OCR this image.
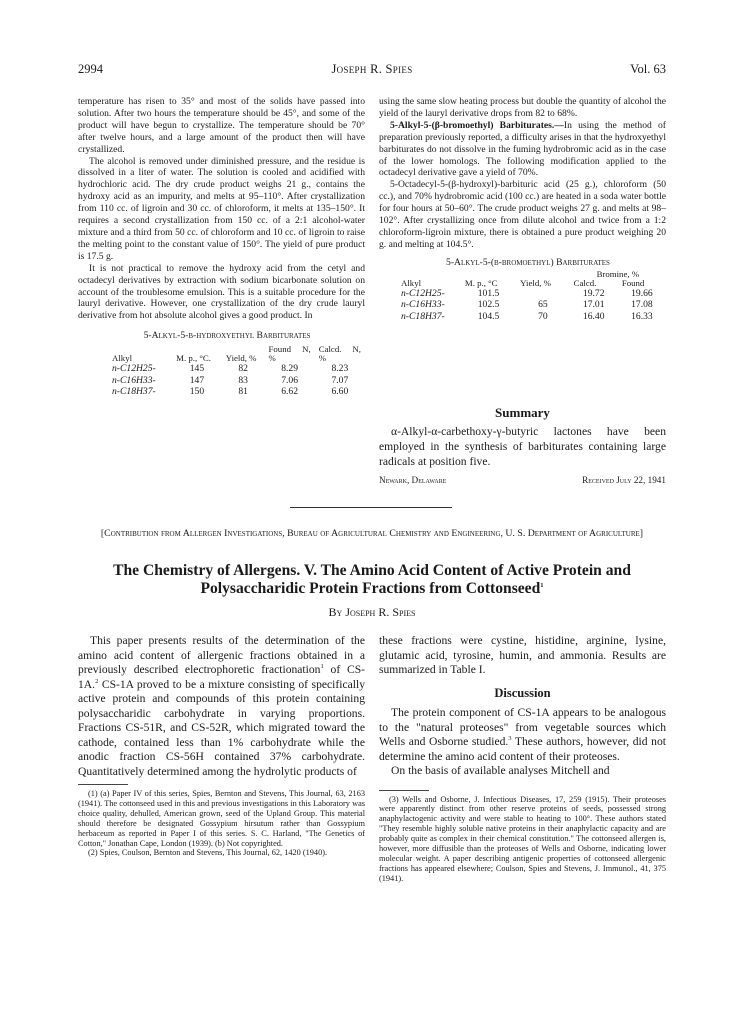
2994	Joseph R. Spies	Vol. 63

temperature has risen to 35° and most of the solids have passed into solution. After two hours the temperature should be 45°, and some of the product will have begun to crystallize. The temperature should be 70° after twelve hours, and a large amount of the product then will have crystallized.

The alcohol is removed under diminished pressure, and the residue is dissolved in a liter of water. The solution is cooled and acidified with hydrochloric acid. The dry crude product weighs 21 g., contains the hydroxy acid as an impurity, and melts at 95–110°. After crystallization from 110 cc. of ligroin and 30 cc. of chloroform, it melts at 135–150°. It requires a second crystallization from 150 cc. of a 2:1 alcohol-water mixture and a third from 50 cc. of chloroform and 10 cc. of ligroin to raise the melting point to the constant value of 150°. The yield of pure product is 17.5 g.

It is not practical to remove the hydroxy acid from the cetyl and octadecyl derivatives by extraction with sodium bicarbonate solution on account of the troublesome emulsion. This is a suitable procedure for the lauryl derivative. However, one crystallization of the dry crude lauryl derivative from hot absolute alcohol gives a good product. In

5-Alkyl-5-β-hydroxyethyl Barbiturates

Alkyl	M. p., °C.	Yield, %	Found N, %	Calcd. N, %
n-C12H25-	145	82	8.29	8.23
n-C16H33-	147	83	7.06	7.07
n-C18H37-	150	81	6.62	6.60

using the same slow heating process but double the quantity of alcohol the yield of the lauryl derivative drops from 82 to 68%.

5-Alkyl-5-(β-bromoethyl) Barbiturates.—In using the method of preparation previously reported, a difficulty arises in that the hydroxyethyl barbiturates do not dissolve in the fuming hydrobromic acid as in the case of the lower homologs. The following modification applied to the octadecyl derivative gave a yield of 70%.

5-Octadecyl-5-(β-hydroxyl)-barbituric acid (25 g.), chloroform (50 cc.), and 70% hydrobromic acid (100 cc.) are heated in a soda water bottle for four hours at 50–60°. The crude product weighs 27 g. and melts at 98–102°. After crystallizing once from dilute alcohol and twice from a 1:2 chloroform-ligroin mixture, there is obtained a pure product weighing 20 g. and melting at 104.5°.

5-Alkyl-5-(β-bromoethyl) Barbiturates

			Bromine, %	
Alkyl	M. p., °C	Yield, %	Calcd.	Found
n-C12H25-	101.5		19.72	19.66
n-C16H33-	102.5	65	17.01	17.08
n-C18H37-	104.5	70	16.40	16.33
Summary

α-Alkyl-α-carbethoxy-γ-butyric lactones have been employed in the synthesis of barbiturates containing large radicals at position five.

Newark, Delaware	Received July 22, 1941
[Contribution from Allergen Investigations, Bureau of Agricultural Chemistry and Engineering, U. S. Department of Agriculture]
The Chemistry of Allergens. V. The Amino Acid Content of Active Protein and Polysaccharidic Protein Fractions from Cottonseed$^1$
By Joseph R. Spies

This paper presents results of the determination of the amino acid content of allergenic fractions obtained in a previously described electrophoretic fractionation$^1$ of CS-1A.$^2$ CS-1A proved to be a mixture consisting of specifically active protein and compounds of this protein containing polysaccharidic carbohydrate in varying proportions. Fractions CS-51R, and CS-52R, which migrated toward the cathode, contained less than 1% carbohydrate while the anodic fraction CS-56H contained 37% carbohydrate. Quantitatively determined among the hydrolytic products of

(1) (a) Paper IV of this series, Spies, Bernton and Stevens, This Journal, 63, 2163 (1941). The cottonseed used in this and previous investigations in this Laboratory was choice quality, dehulled, American grown, seed of the Upland Group. This material should therefore be designated Gossypium hirsutum rather than Gossypium herbaceum as reported in Paper I of this series. S. C. Harland, "The Genetics of Cotton," Jonathan Cape, London (1939). (b) Not copyrighted.

(2) Spies, Coulson, Bernton and Stevens, This Journal, 62, 1420 (1940).

these fractions were cystine, histidine, arginine, lysine, glutamic acid, tyrosine, humin, and ammonia. Results are summarized in Table I.

Discussion

The protein component of CS-1A appears to be analogous to the "natural proteoses" from vegetable sources which Wells and Osborne studied.$^3$ These authors, however, did not determine the amino acid content of their proteoses.

On the basis of available analyses Mitchell and

(3) Wells and Osborne, J. Infectious Diseases, 17, 259 (1915). Their proteoses were apparently distinct from other reserve proteins of seeds, possessed strong anaphylactogenic activity and were stable to heating to 100°. These authors stated "They resemble highly soluble native proteins in their anaphylactic capacity and are probably quite as complex in their chemical constitution." The cottonseed allergen is, however, more diffusible than the proteoses of Wells and Osborne, indicating lower molecular weight. A paper describing antigenic properties of cottonseed allergenic fractions has appeared elsewhere; Coulson, Spies and Stevens, J. Immunol., 41, 375 (1941).
